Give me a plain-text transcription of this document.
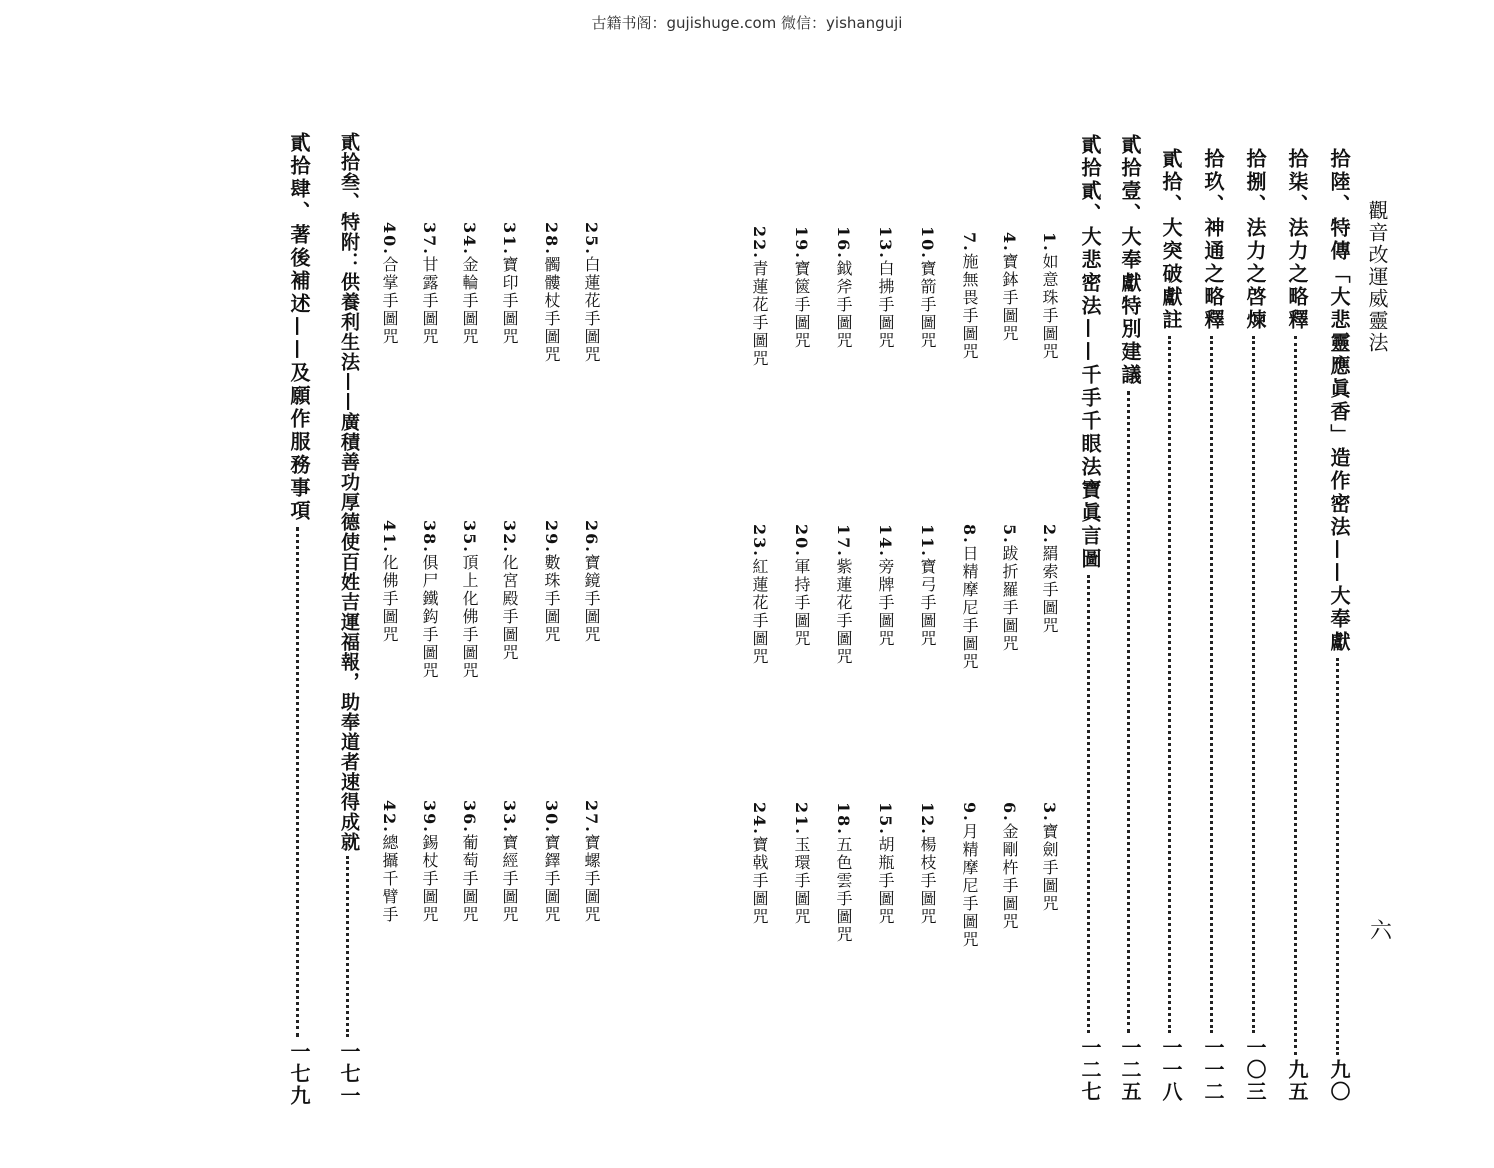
古籍书阁：gujishuge.com 微信：yishanguji
觀音改運威靈法
六
拾陸、特傳「大悲靈應眞香」造作密法——大奉獻
九〇
拾柒、法力之略釋
九五
拾捌、法力之啓煉
一〇三
拾玖、神通之略釋
一一二
貳拾、大突破獻註
一一八
貳拾壹、大奉獻特別建議
一二五
貳拾貳、大悲密法——千手千眼法寶眞言圖
一二七
1.如意珠手圖咒
2.羂索手圖咒
3.寶劍手圖咒
4.寶鉢手圖咒
5.跋折羅手圖咒
6.金剛杵手圖咒
7.施無畏手圖咒
8.日精摩尼手圖咒
9.月精摩尼手圖咒
10.寶箭手圖咒
11.寶弓手圖咒
12.楊枝手圖咒
13.白拂手圖咒
14.旁牌手圖咒
15.胡瓶手圖咒
16.鉞斧手圖咒
17.紫蓮花手圖咒
18.五色雲手圖咒
19.寶篋手圖咒
20.軍持手圖咒
21.玉環手圖咒
22.青蓮花手圖咒
23.紅蓮花手圖咒
24.寶戟手圖咒
25.白蓮花手圖咒
26.寶鏡手圖咒
27.寶螺手圖咒
28.髑髏杖手圖咒
29.數珠手圖咒
30.寶鐸手圖咒
31.寶印手圖咒
32.化宮殿手圖咒
33.寶經手圖咒
34.金輪手圖咒
35.頂上化佛手圖咒
36.葡萄手圖咒
37.甘露手圖咒
38.俱尸鐵鈎手圖咒
39.錫杖手圖咒
40.合掌手圖咒
41.化佛手圖咒
42.總攝千臂手
貳拾叁、特附：供養利生法——廣積善功厚德使百姓吉運福報，助奉道者速得成就
一七一
貳拾肆、著後補述——及願作服務事項
一七九
